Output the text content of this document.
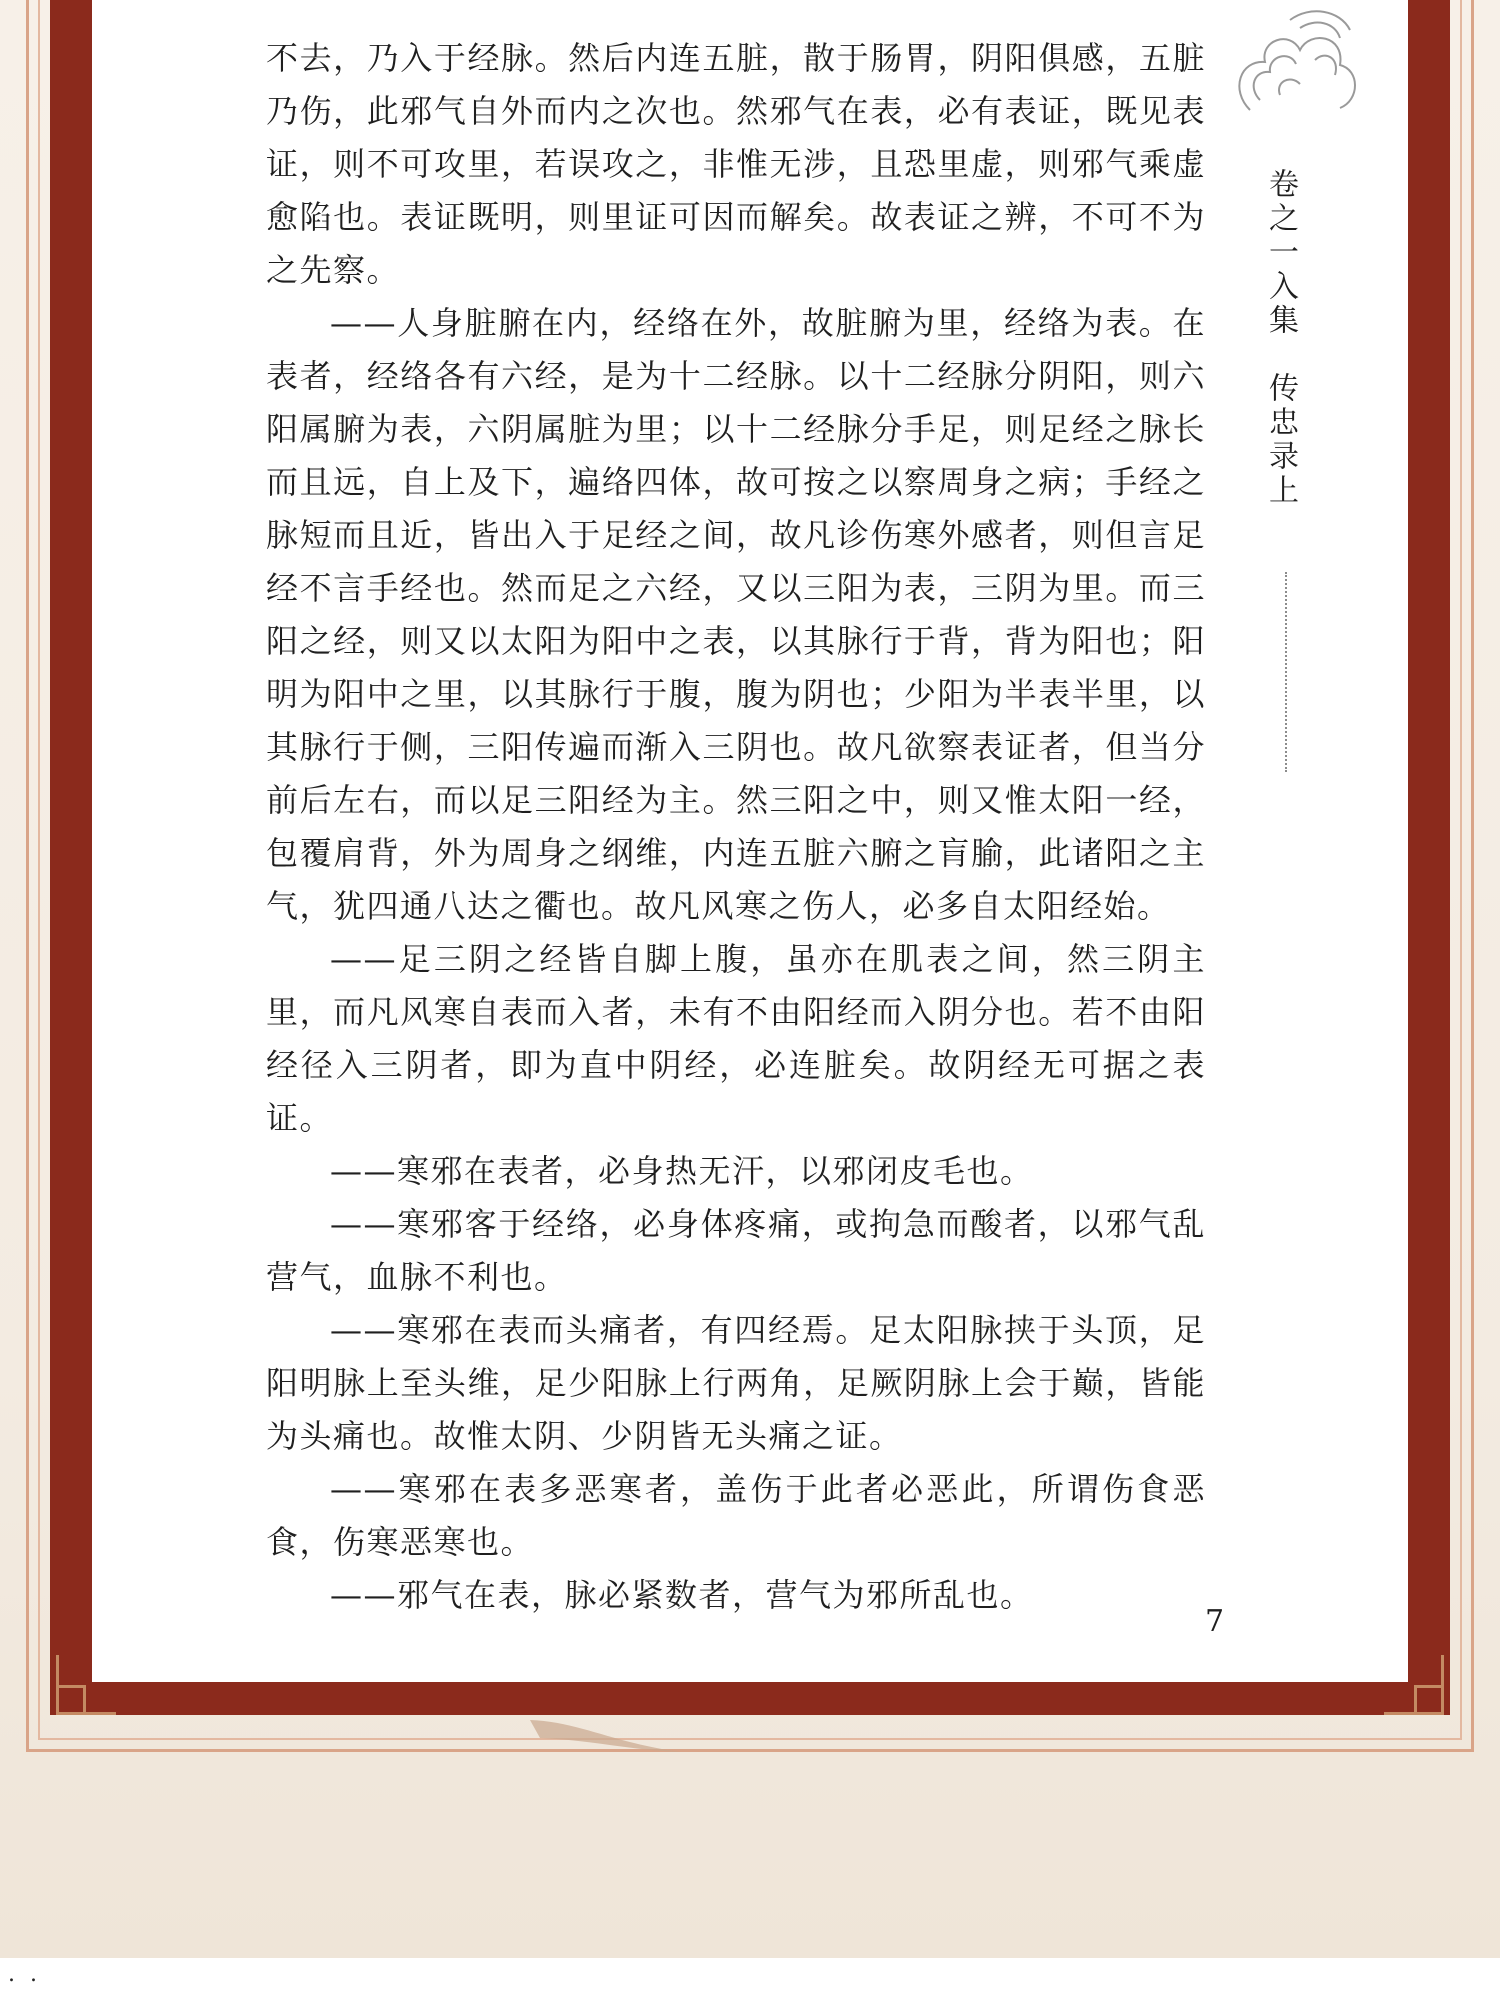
不去，乃入于经脉。然后内连五脏，散于肠胃，阴阳俱感，五脏乃伤，此邪气自外而内之次也。然邪气在表，必有表证，既见表证，则不可攻里，若误攻之，非惟无涉，且恐里虚，则邪气乘虚愈陷也。表证既明，则里证可因而解矣。故表证之辨，不可不为之先察。

——人身脏腑在内，经络在外，故脏腑为里，经络为表。在表者，经络各有六经，是为十二经脉。以十二经脉分阴阳，则六阳属腑为表，六阴属脏为里；以十二经脉分手足，则足经之脉长而且远，自上及下，遍络四体，故可按之以察周身之病；手经之脉短而且近，皆出入于足经之间，故凡诊伤寒外感者，则但言足经不言手经也。然而足之六经，又以三阳为表，三阴为里。而三阳之经，则又以太阳为阳中之表，以其脉行于背，背为阳也；阳明为阳中之里，以其脉行于腹，腹为阴也；少阳为半表半里，以其脉行于侧，三阳传遍而渐入三阴也。故凡欲察表证者，但当分前后左右，而以足三阳经为主。然三阳之中，则又惟太阳一经，包覆肩背，外为周身之纲维，内连五脏六腑之肓腧，此诸阳之主气，犹四通八达之衢也。故凡风寒之伤人，必多自太阳经始。

——足三阴之经皆自脚上腹，虽亦在肌表之间，然三阴主里，而凡风寒自表而入者，未有不由阳经而入阴分也。若不由阳经径入三阴者，即为直中阴经，必连脏矣。故阴经无可据之表证。

——寒邪在表者，必身热无汗，以邪闭皮毛也。

——寒邪客于经络，必身体疼痛，或拘急而酸者，以邪气乱营气，血脉不利也。

——寒邪在表而头痛者，有四经焉。足太阳脉挟于头顶，足阳明脉上至头维，足少阳脉上行两角，足厥阴脉上会于巅，皆能为头痛也。故惟太阴、少阴皆无头痛之证。

——寒邪在表多恶寒者，盖伤于此者必恶此，所谓伤食恶食，伤寒恶寒也。

——邪气在表，脉必紧数者，营气为邪所乱也。

卷之一入集　传忠录上
7
. .
